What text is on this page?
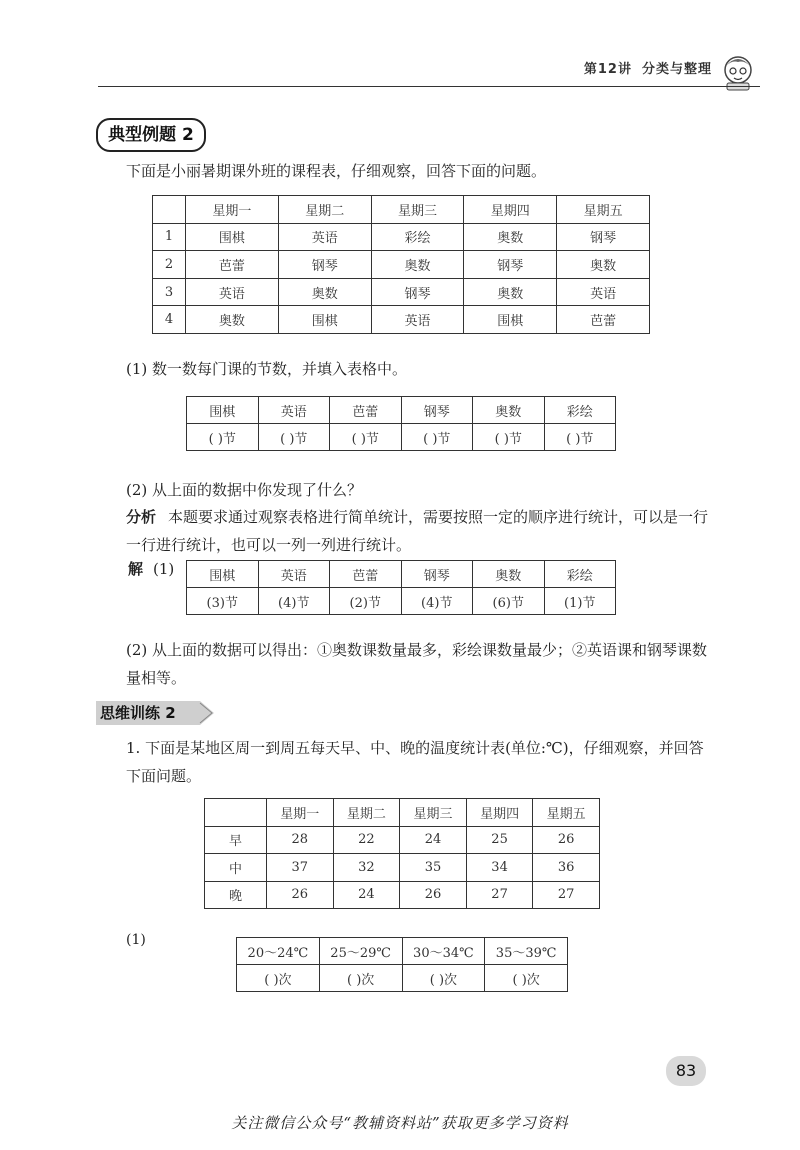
第12讲 分类与整理
典型例题 2
下面是小丽暑期课外班的课程表，仔细观察，回答下面的问题。
	星期一	星期二	星期三	星期四	星期五
1	围棋	英语	彩绘	奥数	钢琴
2	芭蕾	钢琴	奥数	钢琴	奥数
3	英语	奥数	钢琴	奥数	英语
4	奥数	围棋	英语	围棋	芭蕾
(1) 数一数每门课的节数，并填入表格中。
围棋	英语	芭蕾	钢琴	奥数	彩绘
( )节	( )节	( )节	( )节	( )节	( )节
(2) 从上面的数据中你发现了什么？
分析 本题要求通过观察表格进行简单统计，需要按照一定的顺序进行统计，可以是一行一行进行统计，也可以一列一列进行统计。
解 (1)	围棋	英语	芭蕾	钢琴	奥数	彩绘
(3)节	(4)节	(2)节	(4)节	(6)节	(1)节
(2) 从上面的数据可以得出：①奥数课数量最多，彩绘课数量最少；②英语课和钢琴课数量相等。
思维训练 2
1. 下面是某地区周一到周五每天早、中、晚的温度统计表(单位:℃)，仔细观察，并回答下面问题。
	星期一	星期二	星期三	星期四	星期五
早	28	22	24	25	26
中	37	32	35	34	36
晚	26	24	26	27	27
(1)
20～24℃	25～29℃	30～34℃	35～39℃
( )次	( )次	( )次	( )次
83
关注微信公众号“教辅资料站”获取更多学习资料
